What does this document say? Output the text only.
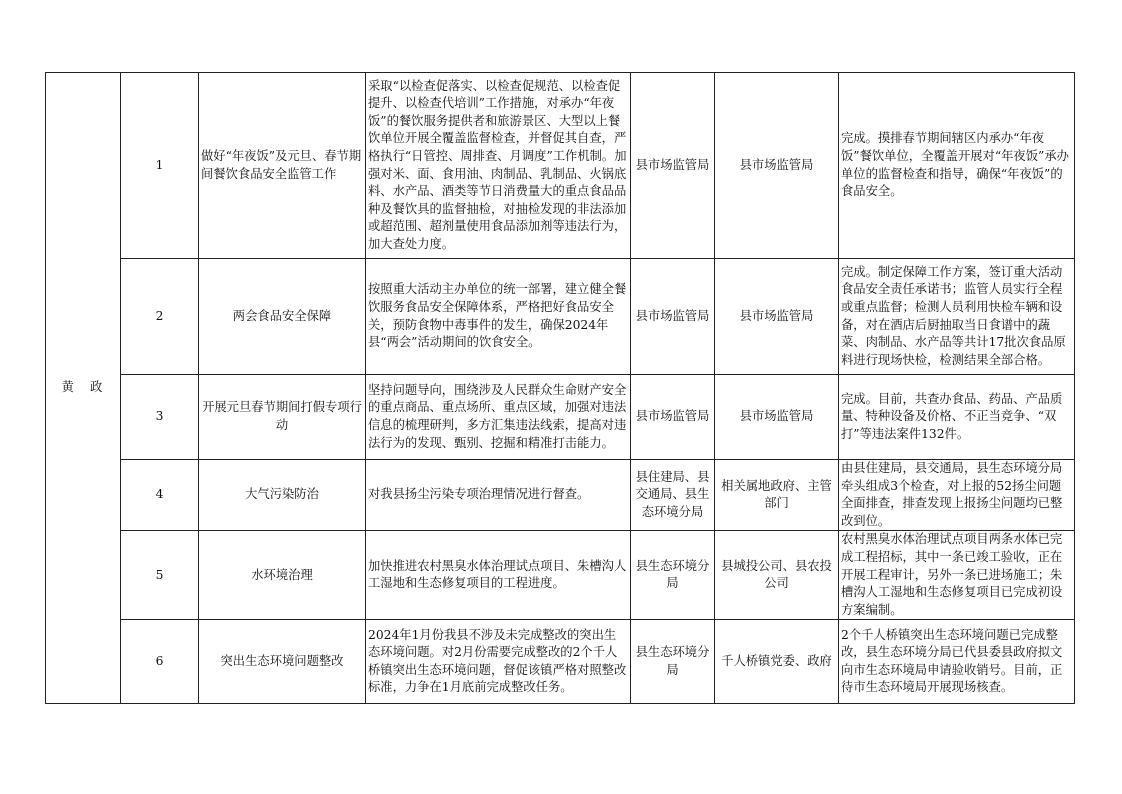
黄　政	1	做好“年夜饭”及元旦、春节期间餐饮食品安全监管工作	采取“以检查促落实、以检查促规范、以检查促提升、以检查代培训”工作措施，对承办“年夜饭”的餐饮服务提供者和旅游景区、大型以上餐饮单位开展全覆盖监督检查，并督促其自查，严格执行“日管控、周排查、月调度”工作机制。加强对米、面、食用油、肉制品、乳制品、火锅底料、水产品、酒类等节日消费量大的重点食品品种及餐饮具的监督抽检，对抽检发现的非法添加或超范围、超剂量使用食品添加剂等违法行为，加大查处力度。	县市场监管局	县市场监管局	完成。摸排春节期间辖区内承办“年夜饭”餐饮单位，全覆盖开展对“年夜饭”承办单位的监督检查和指导，确保“年夜饭”的食品安全。
	2	两会食品安全保障	按照重大活动主办单位的统一部署，建立健全餐饮服务食品安全保障体系，严格把好食品安全关，预防食物中毒事件的发生，确保2024年县“两会”活动期间的饮食安全。	县市场监管局	县市场监管局	完成。制定保障工作方案，签订重大活动食品安全责任承诺书；监管人员实行全程或重点监督；检测人员利用快检车辆和设备，对在酒店后厨抽取当日食谱中的蔬菜、肉制品、水产品等共计17批次食品原料进行现场快检，检测结果全部合格。
	3	开展元旦春节期间打假专项行动	坚持问题导向，围绕涉及人民群众生命财产安全的重点商品、重点场所、重点区域，加强对违法信息的梳理研判，多方汇集违法线索，提高对违法行为的发现、甄别、挖掘和精准打击能力。	县市场监管局	县市场监管局	完成。目前，共查办食品、药品、产品质量、特种设备及价格、不正当竞争、“双打”等违法案件132件。
	4	大气污染防治	对我县扬尘污染专项治理情况进行督查。	县住建局、县交通局、县生态环境分局	相关属地政府、主管部门	由县住建局，县交通局，县生态环境分局牵头组成3个检查，对上报的52扬尘问题全面排查，排查发现上报扬尘问题均已整改到位。
	5	水环境治理	加快推进农村黑臭水体治理试点项目、朱槽沟人工湿地和生态修复项目的工程进度。	县生态环境分局	县城投公司、县农投公司	农村黑臭水体治理试点项目两条水体已完成工程招标，其中一条已竣工验收，正在开展工程审计，另外一条已进场施工；朱槽沟人工湿地和生态修复项目已完成初设方案编制。
	6	突出生态环境问题整改	2024年1月份我县不涉及未完成整改的突出生态环境问题。对2月份需要完成整改的2个千人桥镇突出生态环境问题，督促该镇严格对照整改标准，力争在1月底前完成整改任务。	县生态环境分局	千人桥镇党委、政府	2个千人桥镇突出生态环境问题已完成整改，县生态环境分局已代县委县政府拟文向市生态环境局申请验收销号。目前，正待市生态环境局开展现场核查。
